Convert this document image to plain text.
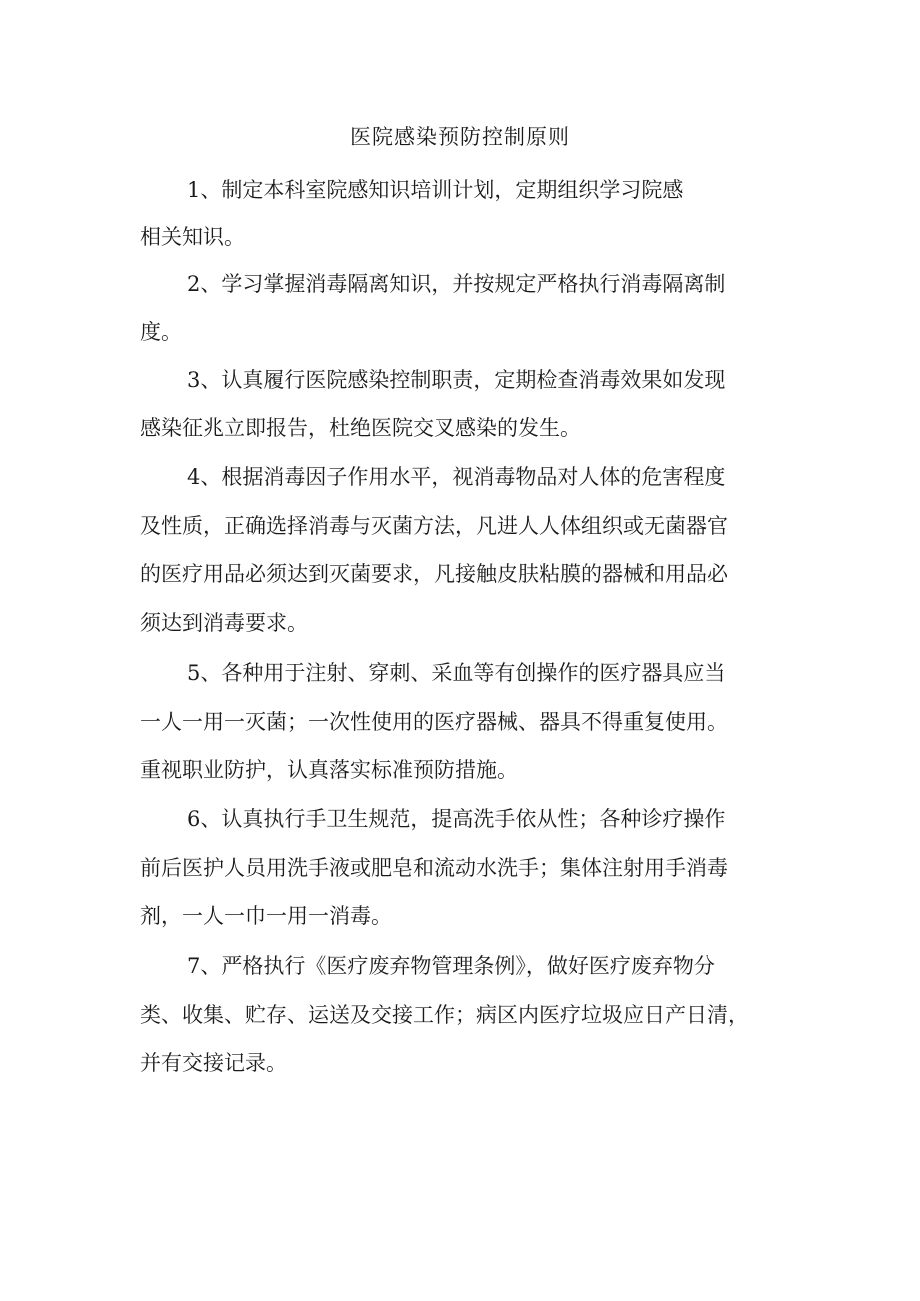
医院感染预防控制原则
1、制定本科室院感知识培训计划，定期组织学习院感
相关知识。
2、学习掌握消毒隔离知识，并按规定严格执行消毒隔离制
度。
3、认真履行医院感染控制职责，定期检查消毒效果如发现
感染征兆立即报告，杜绝医院交叉感染的发生。
4、根据消毒因子作用水平，视消毒物品对人体的危害程度
及性质，正确选择消毒与灭菌方法，凡进人人体组织或无菌器官
的医疗用品必须达到灭菌要求，凡接触皮肤粘膜的器械和用品必
须达到消毒要求。
5、各种用于注射、穿刺、采血等有创操作的医疗器具应当
一人一用一灭菌；一次性使用的医疗器械、器具不得重复使用。
重视职业防护，认真落实标准预防措施。
6、认真执行手卫生规范，提高洗手依从性；各种诊疗操作
前后医护人员用洗手液或肥皂和流动水洗手；集体注射用手消毒
剂，一人一巾一用一消毒。
7、严格执行《医疗废弃物管理条例》，做好医疗废弃物分
类、收集、贮存、运送及交接工作；病区内医疗垃圾应日产日清，
并有交接记录。
